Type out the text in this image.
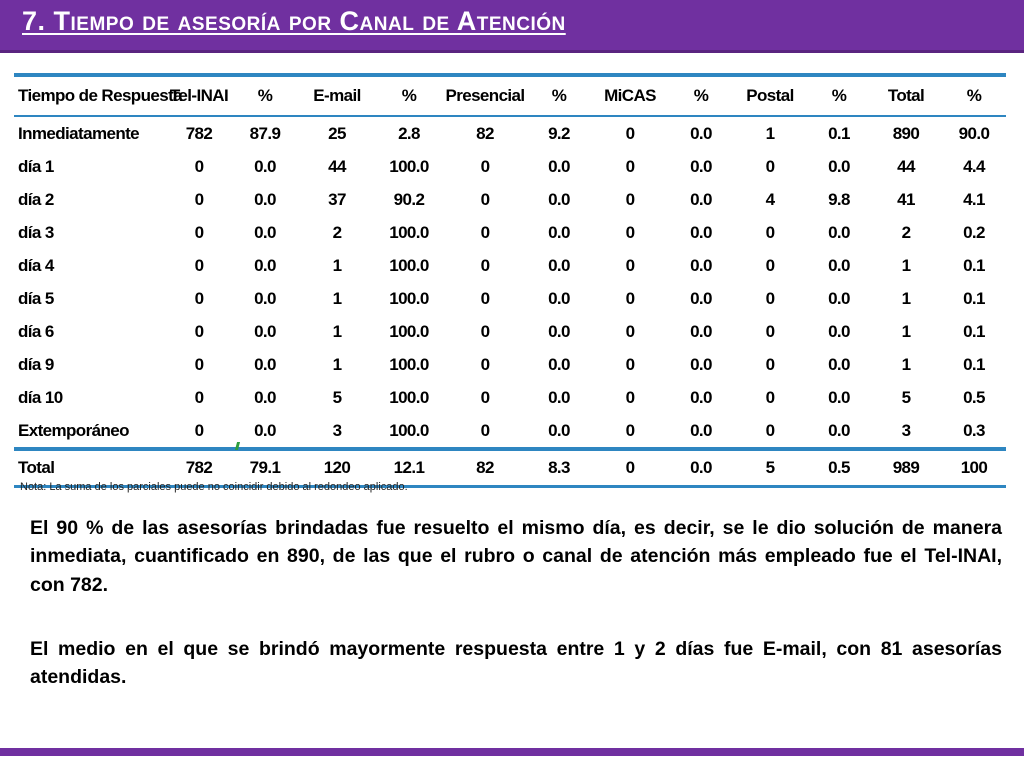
7. Tiempo de asesoría por Canal de Atención
Tiempo de Respuesta	Tel-INAI	%	E-mail	%	Presencial	%	MiCAS	%	Postal	%	Total	%
Inmediatamente	782	87.9	25	2.8	82	9.2	0	0.0	1	0.1	890	90.0
día 1	0	0.0	44	100.0	0	0.0	0	0.0	0	0.0	44	4.4
día 2	0	0.0	37	90.2	0	0.0	0	0.0	4	9.8	41	4.1
día 3	0	0.0	2	100.0	0	0.0	0	0.0	0	0.0	2	0.2
día 4	0	0.0	1	100.0	0	0.0	0	0.0	0	0.0	1	0.1
día 5	0	0.0	1	100.0	0	0.0	0	0.0	0	0.0	1	0.1
día 6	0	0.0	1	100.0	0	0.0	0	0.0	0	0.0	1	0.1
día 9	0	0.0	1	100.0	0	0.0	0	0.0	0	0.0	1	0.1
día 10	0	0.0	5	100.0	0	0.0	0	0.0	0	0.0	5	0.5
Extemporáneo	0	0.0	3	100.0	0	0.0	0	0.0	0	0.0	3	0.3
Total	782	79.1	120	12.1	82	8.3	0	0.0	5	0.5	989	100
Nota: La suma de los parciales puede no coincidir debido al redondeo aplicado.
El 90 % de las asesorías brindadas fue resuelto el mismo día, es decir, se le dio solución de manera inmediata, cuantificado en 890, de las que el rubro o canal de atención más empleado fue el Tel-INAI, con 782.
El medio en el que se brindó mayormente respuesta entre 1 y 2 días fue E-mail, con 81 asesorías atendidas.
